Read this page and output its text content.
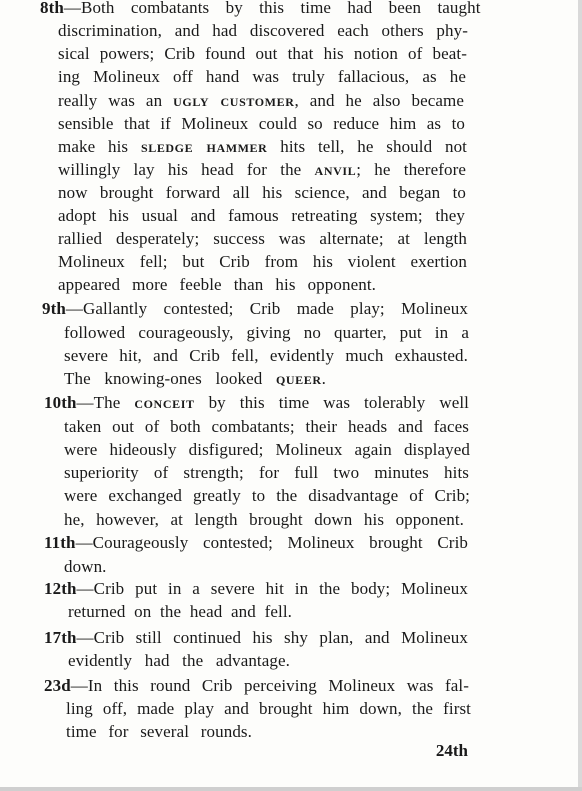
8th—Both combatants by this time had been taught
discrimination, and had discovered each others phy-
sical powers; Crib found out that his notion of beat-
ing Molineux off hand was truly fallacious, as he
really was an ugly customer, and he also became
sensible that if Molineux could so reduce him as to
make his sledge hammer hits tell, he should not
willingly lay his head for the anvil; he therefore
now brought forward all his science, and began to
adopt his usual and famous retreating system; they
rallied desperately; success was alternate; at length
Molineux fell; but Crib from his violent exertion
appeared more feeble than his opponent.
9th—Gallantly contested; Crib made play; Molineux
followed courageously, giving no quarter, put in a
severe hit, and Crib fell, evidently much exhausted.
The knowing-ones looked queer.
10th—The conceit by this time was tolerably well
taken out of both combatants; their heads and faces
were hideously disfigured; Molineux again displayed
superiority of strength; for full two minutes hits
were exchanged greatly to the disadvantage of Crib;
he, however, at length brought down his opponent.
11th—Courageously contested; Molineux brought Crib
down.
12th—Crib put in a severe hit in the body; Molineux
returned on the head and fell.
17th—Crib still continued his shy plan, and Molineux
evidently had the advantage.
23d—In this round Crib perceiving Molineux was fal-
ling off, made play and brought him down, the first
time for several rounds.
24th
